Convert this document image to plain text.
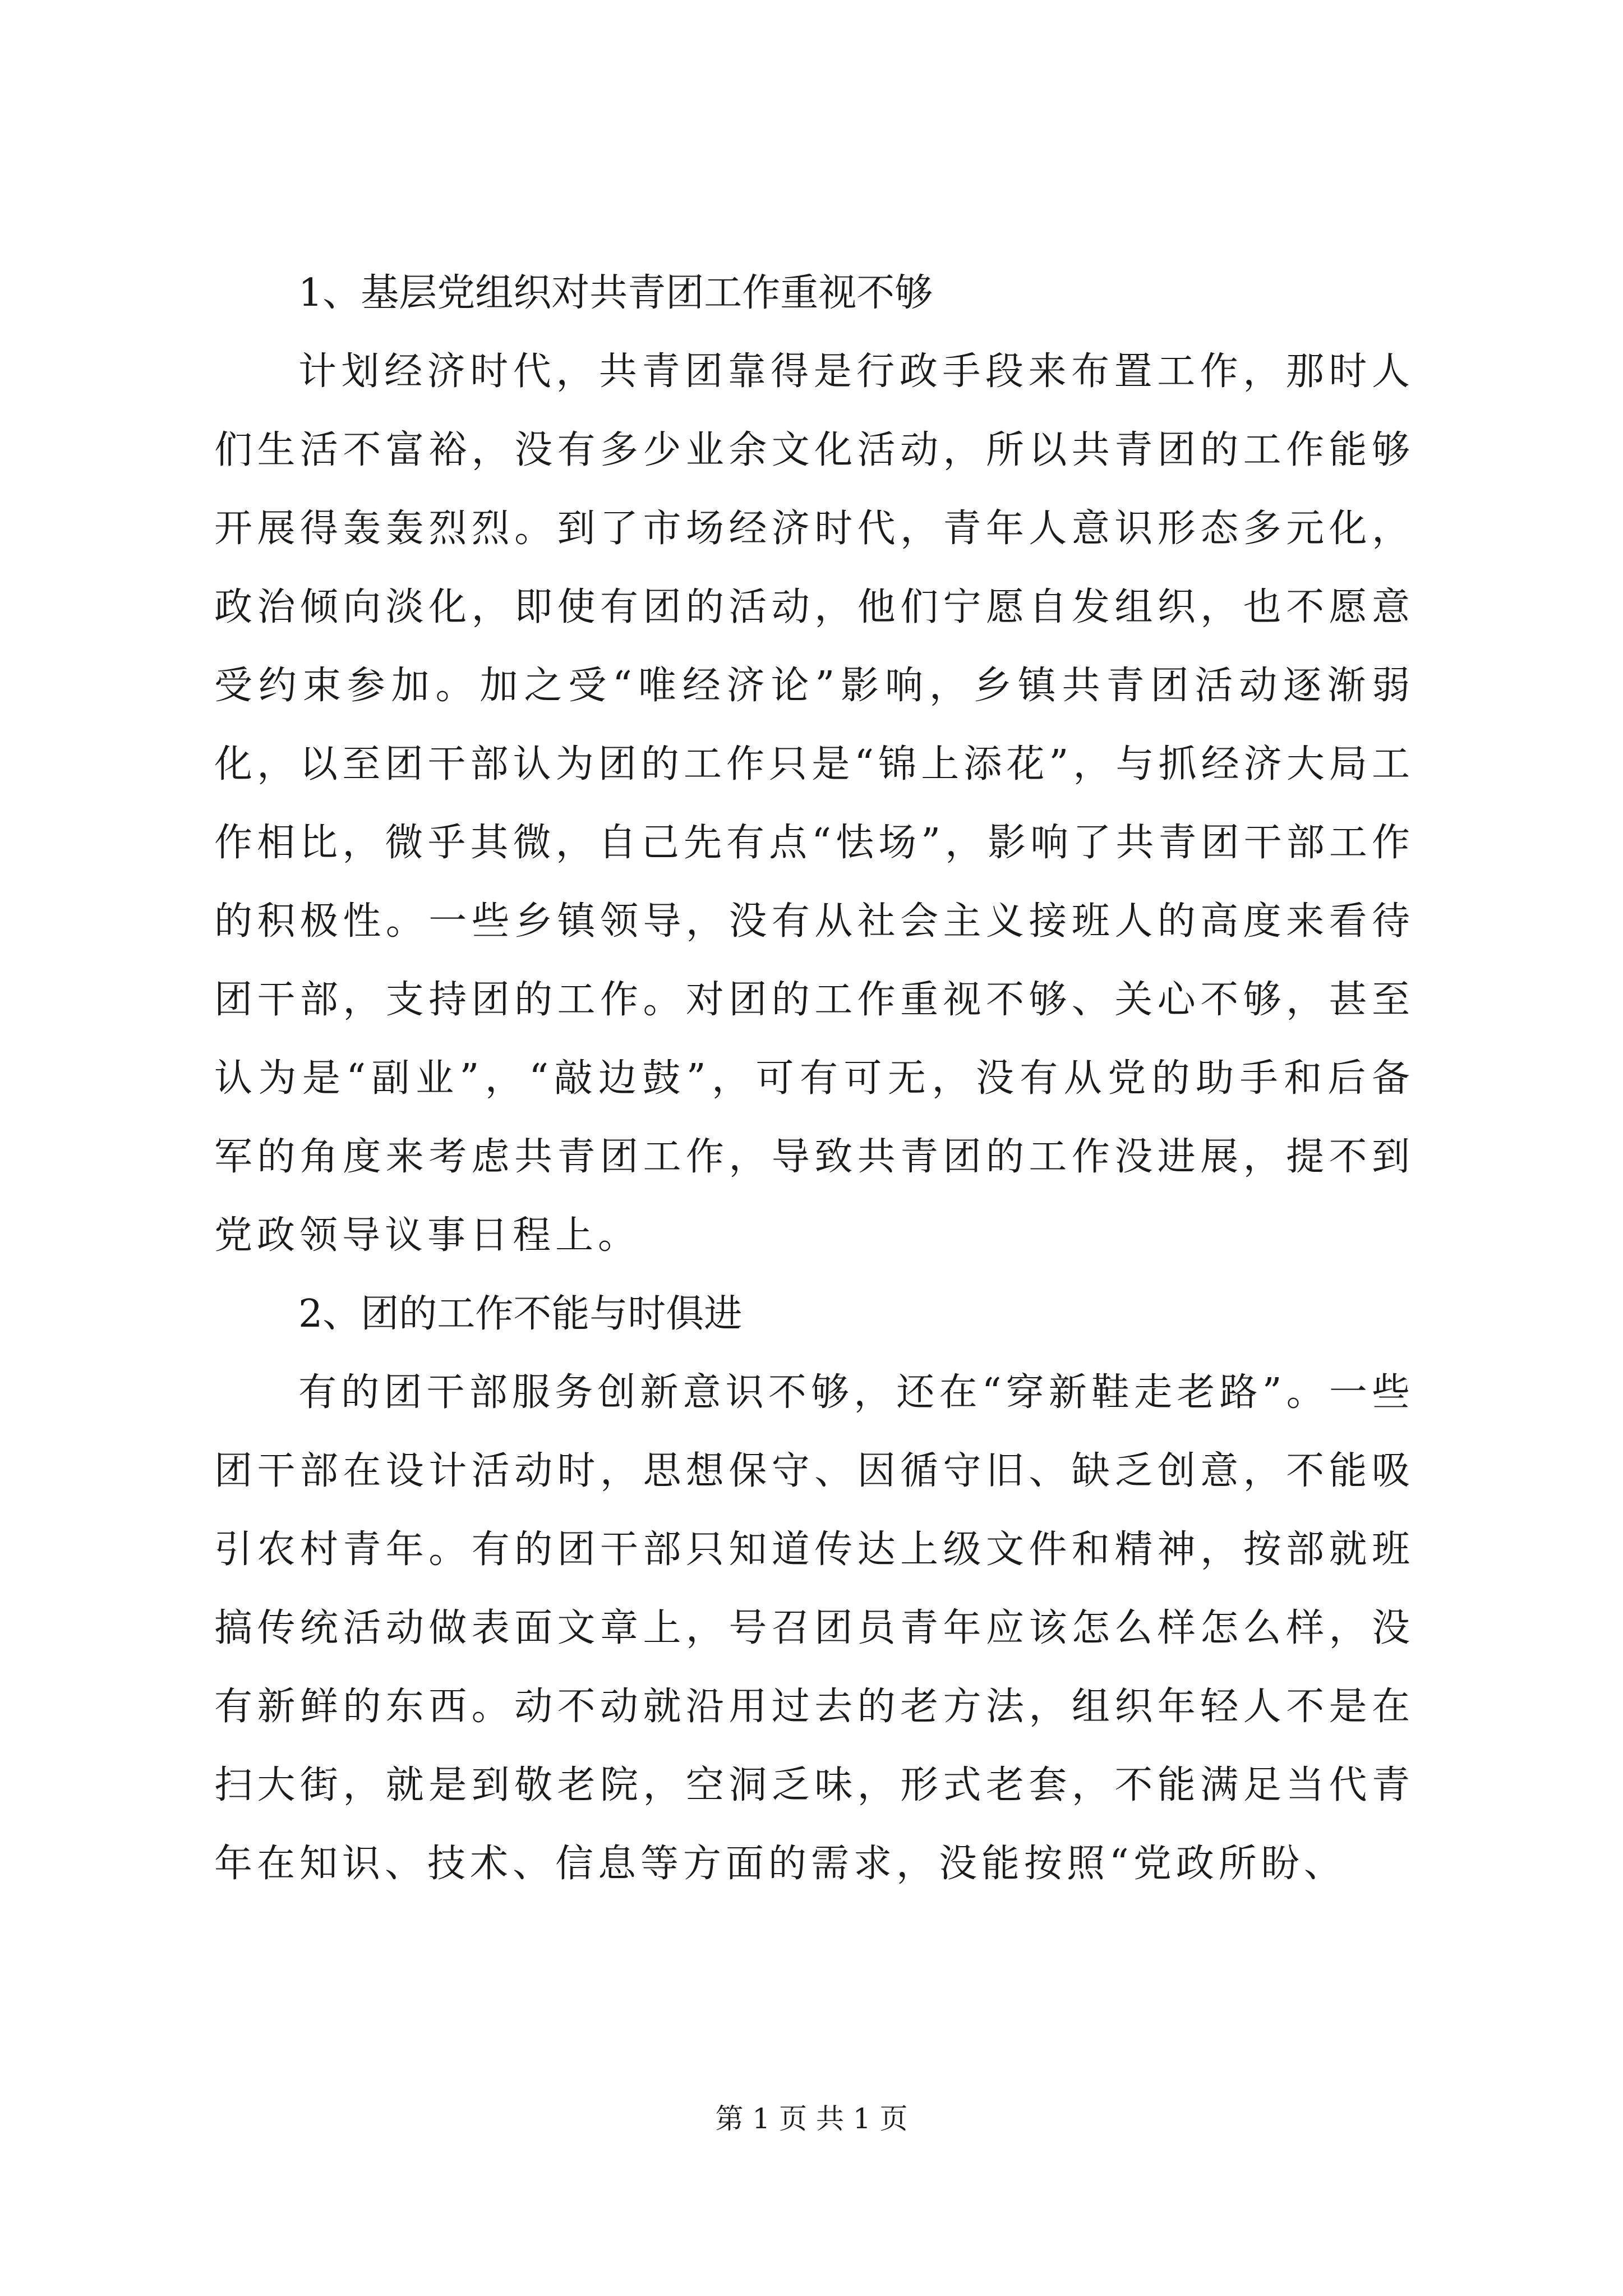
1、基层党组织对共青团工作重视不够

计划经济时代，共青团靠得是行政手段来布置工作，那时人们生活不富裕，没有多少业余文化活动，所以共青团的工作能够开展得轰轰烈烈。到了市场经济时代，青年人意识形态多元化，政治倾向淡化，即使有团的活动，他们宁愿自发组织，也不愿意受约束参加。加之受“唯经济论”影响，乡镇共青团活动逐渐弱化，以至团干部认为团的工作只是“锦上添花”，与抓经济大局工作相比，微乎其微，自己先有点“怯场”，影响了共青团干部工作的积极性。一些乡镇领导，没有从社会主义接班人的高度来看待团干部，支持团的工作。对团的工作重视不够、关心不够，甚至认为是“副业”，“敲边鼓”，可有可无，没有从党的助手和后备军的角度来考虑共青团工作，导致共青团的工作没进展，提不到党政领导议事日程上。

2、团的工作不能与时俱进

有的团干部服务创新意识不够，还在“穿新鞋走老路”。一些团干部在设计活动时，思想保守、因循守旧、缺乏创意，不能吸引农村青年。有的团干部只知道传达上级文件和精神，按部就班搞传统活动做表面文章上，号召团员青年应该怎么样怎么样，没有新鲜的东西。动不动就沿用过去的老方法，组织年轻人不是在扫大街，就是到敬老院，空洞乏味，形式老套，不能满足当代青年在知识、技术、信息等方面的需求，没能按照“党政所盼、

第 1 页 共 1 页
